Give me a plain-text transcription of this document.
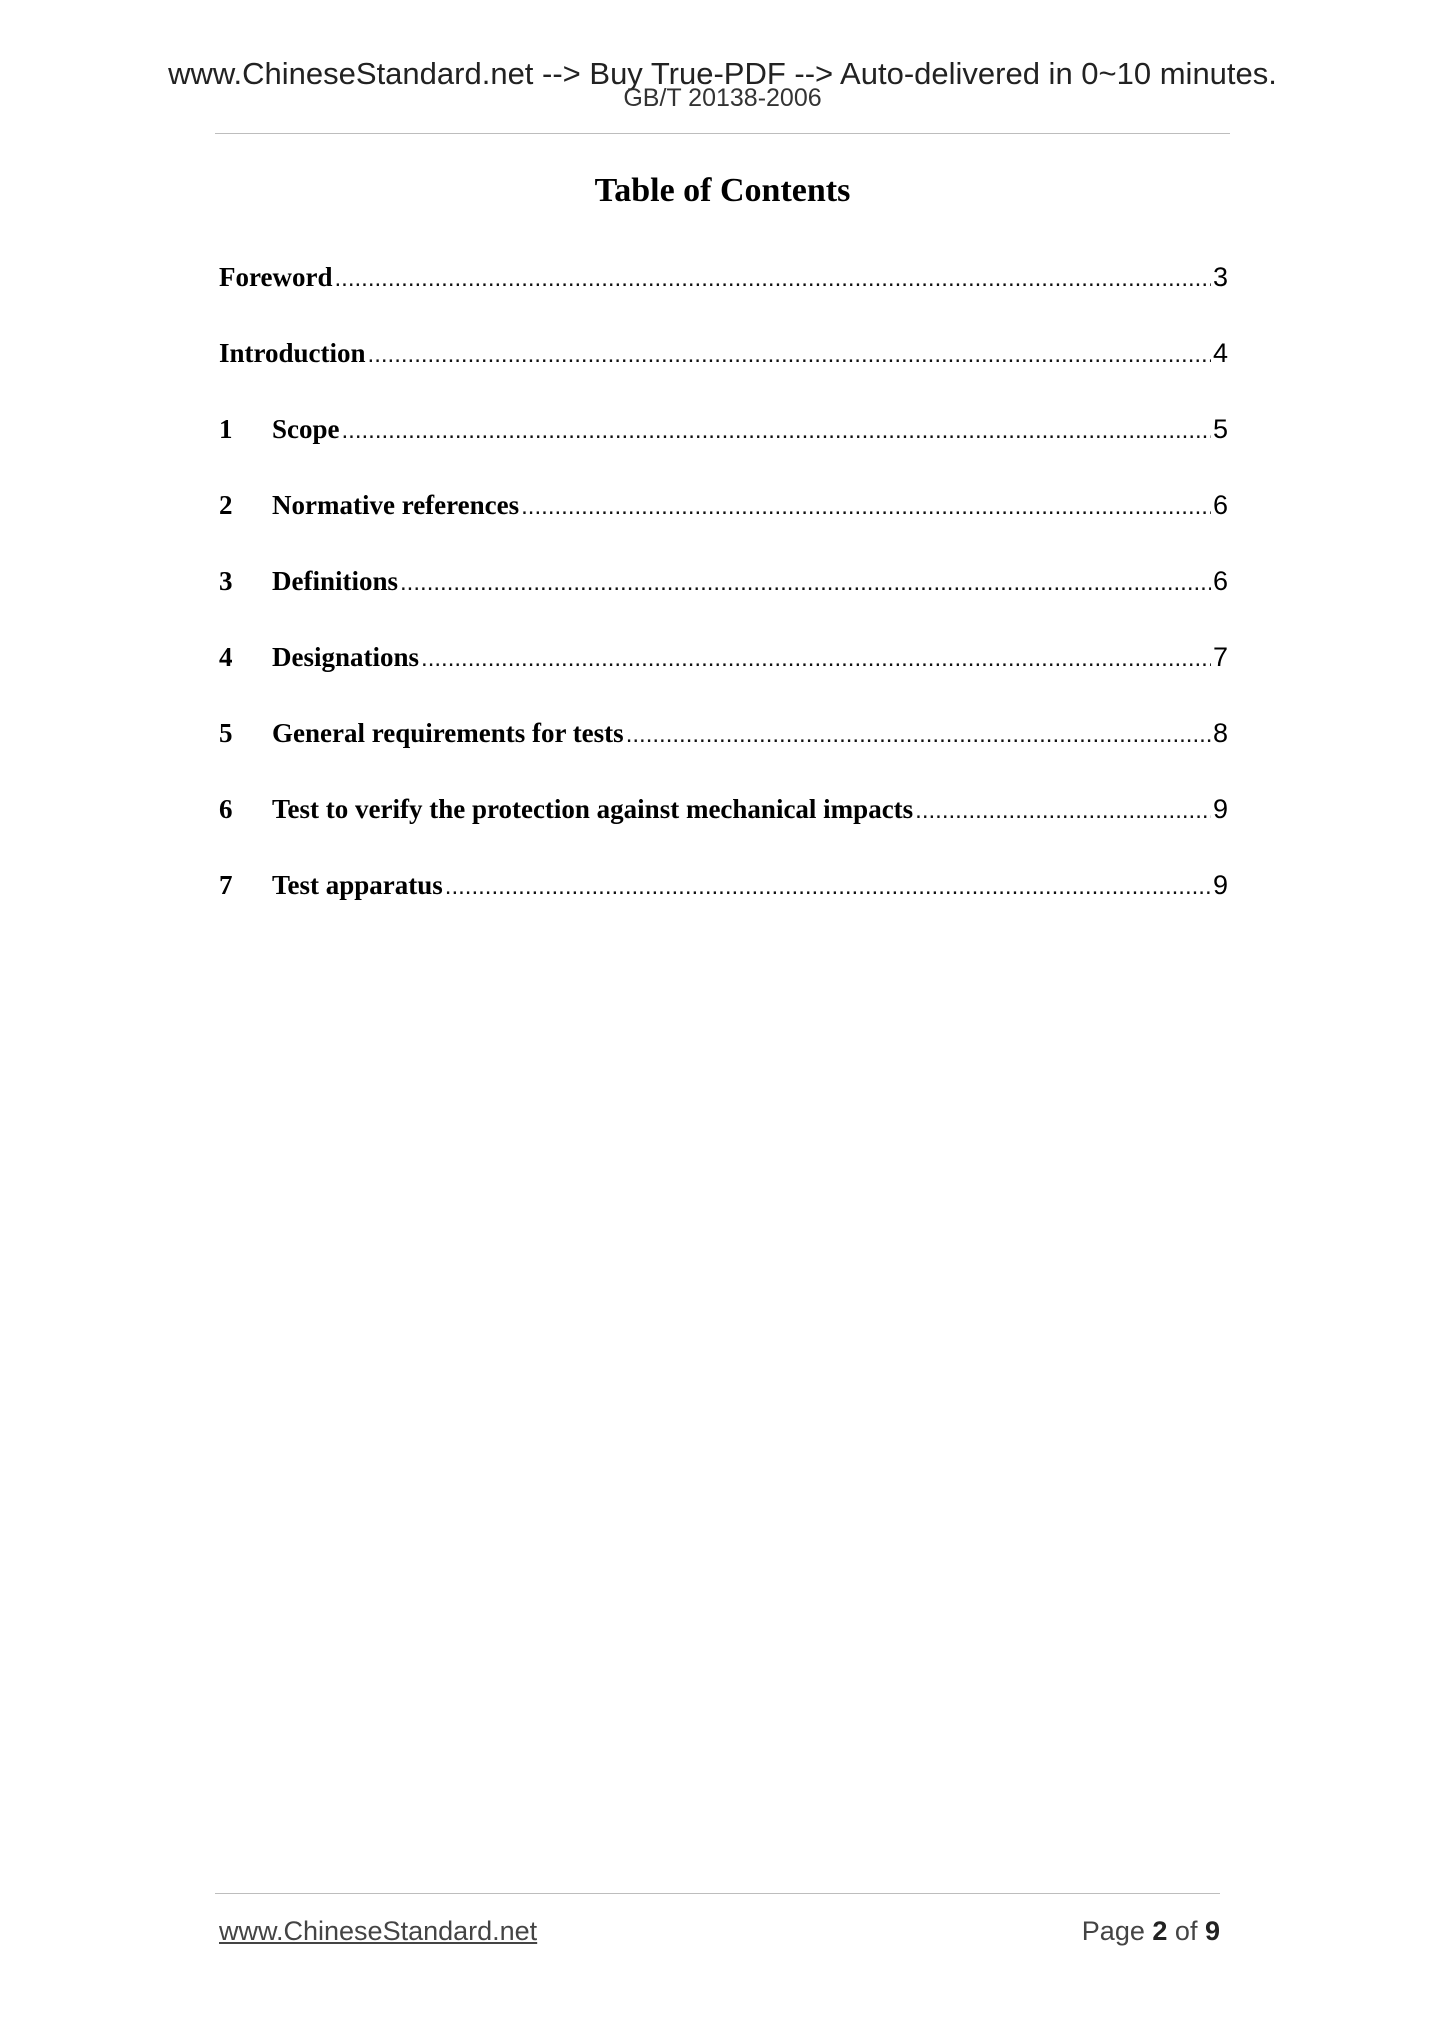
www.ChineseStandard.net --> Buy True-PDF --> Auto-delivered in 0~10 minutes.
GB/T 20138-2006
Table of Contents
Foreword .....	3
Introduction .....	4
1	Scope .....	5
2	Normative references .....	6
3	Definitions .....	6
4	Designations .....	7
5	General requirements for tests .....	8
6	Test to verify the protection against mechanical impacts .....	9
7	Test apparatus .....	9
www.ChineseStandard.net	Page 2 of 9
